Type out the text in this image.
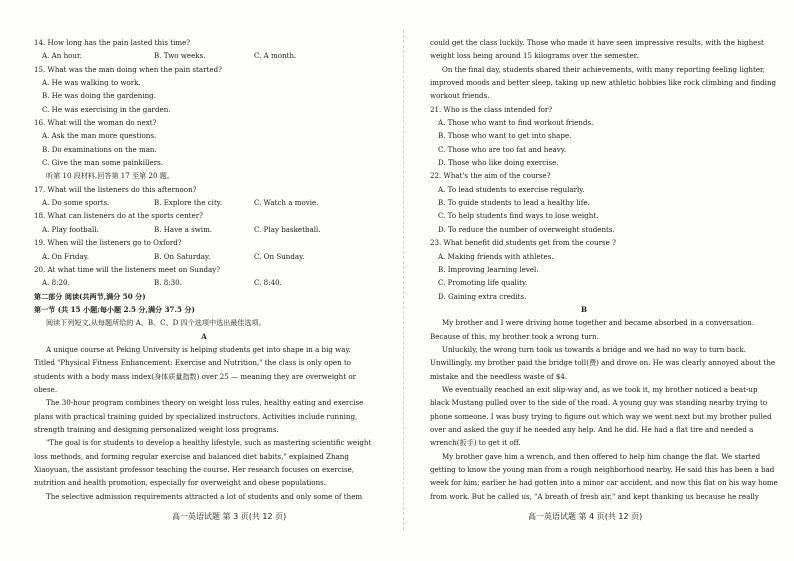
14. How long has the pain lasted this time?
A. An hour.	B. Two weeks.	C. A month.
15. What was the man doing when the pain started?
A. He was walking to work.
B. He was doing the gardening.
C. He was exercising in the garden.
16. What will the woman do next?
A. Ask the man more questions.
B. Do examinations on the man.
C. Give the man some painkillers.
听第 10 段材料,回答第 17 至第 20 题。
17. What will the listeners do this afternoon?
A. Do some sports.	B. Explore the city.	C. Watch a movie.
18. What can listeners do at the sports center?
A. Play football.	B. Have a swim.	C. Play basketball.
19. When will the listeners go to Oxford?
A. On Friday.	B. On Saturday.	C. On Sunday.
20. At what time will the listeners meet on Sunday?
A. 8:20.	B. 8:30.	C. 8:40.
第二部分 阅读(共两节,满分 50 分)
第一节 (共 15 小题;每小题 2.5 分,满分 37.5 分)
阅读下列短文,从每题所给的 A、B、C、D 四个选项中选出最佳选项。
A
A unique course at Peking University is helping students get into shape in a big way.
Titled "Physical Fitness Enhancement: Exercise and Nutrition," the class is only open to
students with a body mass index(身体质量指数) over 25 — meaning they are overweight or
obese.
The 30-hour program combines theory on weight loss rules, healthy eating and exercise
plans with practical training guided by specialized instructors. Activities include running,
strength training and designing personalized weight loss programs.
"The goal is for students to develop a healthy lifestyle, such as mastering scientific weight
loss methods, and forming regular exercise and balanced diet habits," explained Zhang
Xiaoyuan, the assistant professor teaching the course. Her research focuses on exercise,
nutrition and health promotion, especially for overweight and obese populations.
The selective admission requirements attracted a lot of students and only some of them
could get the class luckily. Those who made it have seen impressive results, with the highest
weight loss being around 15 kilograms over the semester.
On the final day, students shared their achievements, with many reporting feeling lighter,
improved moods and better sleep, taking up new athletic hobbies like rock climbing and finding
workout friends.
21. Who is the class intended for?
A. Those who want to find workout friends.
B. Those who want to get into shape.
C. Those who are too fat and heavy.
D. Those who like doing exercise.
22. What's the aim of the course?
A. To lead students to exercise regularly.
B. To guide students to lead a healthy life.
C. To help students find ways to lose weight.
D. To reduce the number of overweight students.
23. What benefit did students get from the course ?
A. Making friends with athletes.
B. Improving learning level.
C. Promoting life quality.
D. Gaining extra credits.
B
My brother and I were driving home together and became absorbed in a conversation.
Because of this, my brother took a wrong turn.
Unluckily, the wrong turn took us towards a bridge and we had no way to turn back.
Unwillingly, my brother paid the bridge toll(费) and drove on. He was clearly annoyed about the
mistake and the needless waste of $4.
We eventually reached an exit slip-way and, as we took it, my brother noticed a beat-up
black Mustang pulled over to the side of the road. A young guy was standing nearby trying to
phone someone. I was busy trying to figure out which way we went next but my brother pulled
over and asked the guy if he needed any help. And he did. He had a flat tire and needed a
wrench(扳手) to get it off.
My brother gave him a wrench, and then offered to help him change the flat. We started
getting to know the young man from a rough neighborhood nearby. He said this has been a bad
week for him; earlier he had gotten into a minor car accident, and now this flat on his way home
from work. But he called us, "A breath of fresh air," and kept thanking us because he really
高一英语试题 第 3 页(共 12 页)	高一英语试题 第 4 页(共 12 页)
